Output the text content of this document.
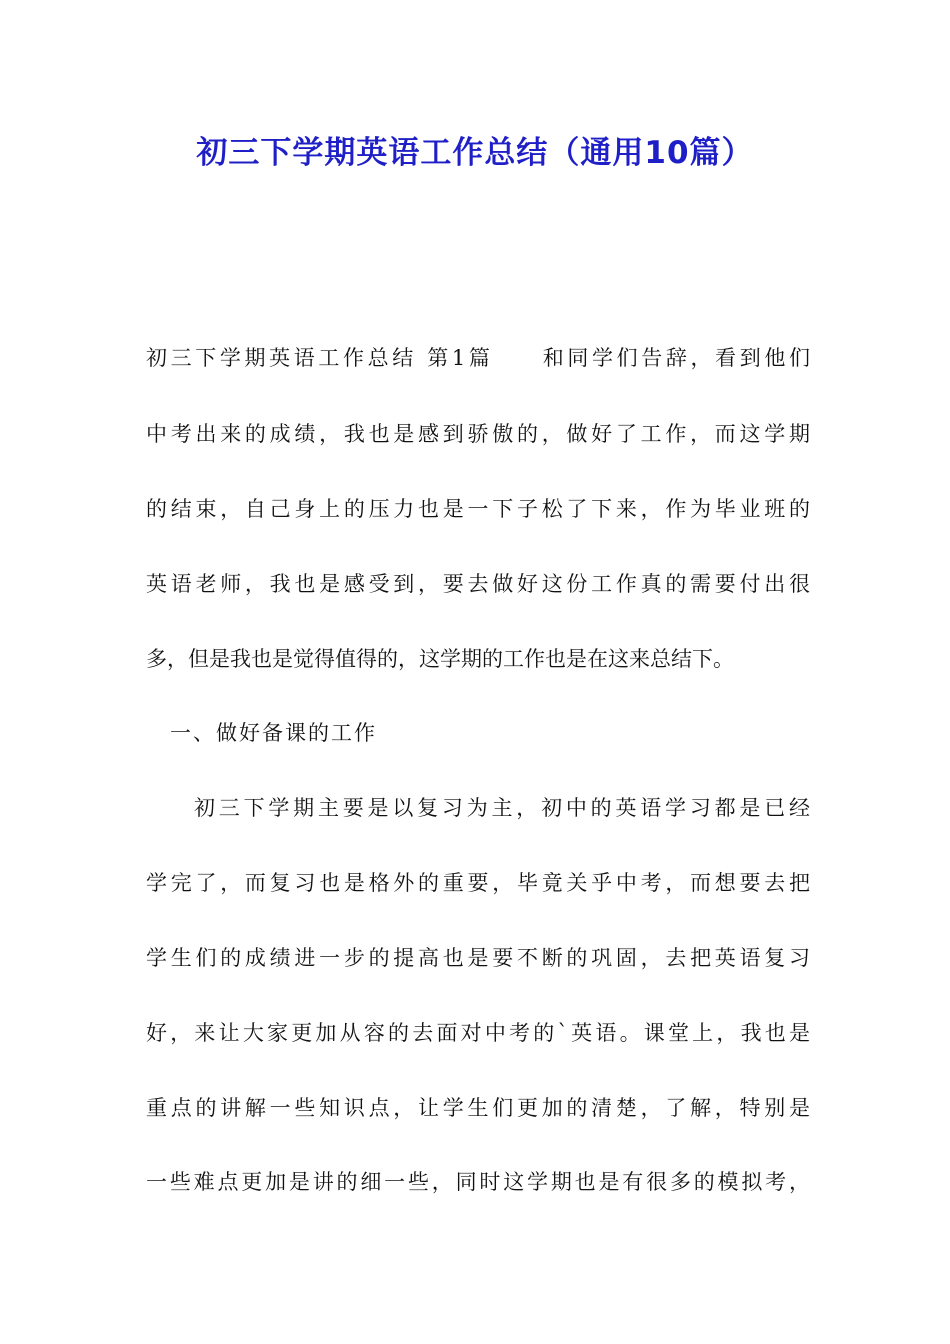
初三下学期英语工作总结（通用10篇）

初三下学期英语工作总结 第1篇　　和同学们告辞，看到他们

中考出来的成绩，我也是感到骄傲的，做好了工作，而这学期

的结束，自己身上的压力也是一下子松了下来，作为毕业班的

英语老师，我也是感受到，要去做好这份工作真的需要付出很

多，但是我也是觉得值得的，这学期的工作也是在这来总结下。

一、做好备课的工作

初三下学期主要是以复习为主，初中的英语学习都是已经

学完了，而复习也是格外的重要，毕竟关乎中考，而想要去把

学生们的成绩进一步的提高也是要不断的巩固，去把英语复习

好，来让大家更加从容的去面对中考的`英语。课堂上，我也是

重点的讲解一些知识点，让学生们更加的清楚，了解，特别是

一些难点更加是讲的细一些，同时这学期也是有很多的模拟考，
